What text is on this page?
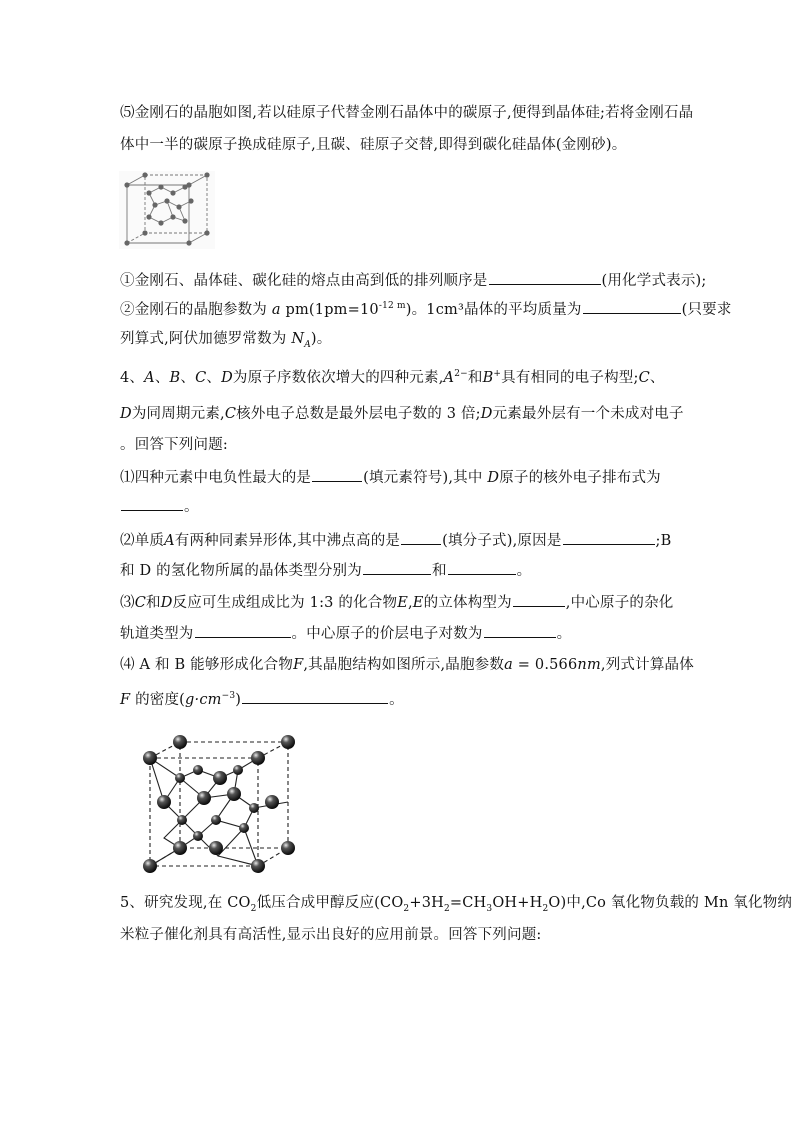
⑸金刚石的晶胞如图,若以硅原子代替金刚石晶体中的碳原子,便得到晶体硅;若将金刚石晶
体中一半的碳原子换成硅原子,且碳、硅原子交替,即得到碳化硅晶体(金刚砂)。
①金刚石、晶体硅、碳化硅的熔点由高到低的排列顺序是	(用化学式表示);
②金刚石的晶胞参数为 a $pm(1pm=10^{-12 m})$。1cm³晶体的平均质量为	(只要求
列算式,阿伏加德罗常数为 $N_A$)。
4、A、B、C、D为原子序数依次增大的四种元素$,A^{2-}$和B+具有相同的电子构型;C、
D为同周期元素,C核外电子总数是最外层电子数的 3 倍;D元素最外层有一个未成对电子
。回答下列问题:
⑴四种元素中电负性最大的是	(填元素符号),其中 D原子的核外电子排布式为
。
⑵单质A有两种同素异形体,其中沸点高的是	(填分子式),原因是	;B
和 D 的氢化物所属的晶体类型分别为	和	。
⑶C和D反应可生成组成比为 1:3 的化合物E,E的立体构型为	,中心原子的杂化
轨道类型为	。中心原子的价层电子对数为	。
⑷ A 和 B 能够形成化合物F,其晶胞结构如图所示,晶胞参数a = 0.566nm,列式计算晶体
F 的密度$(g\cdot cm^{-3})$	。
5、研究发现,在 $CO_2$低压合成甲醇反应$(CO_2+3H_2=CH_3OH+H_2O)$中,Co 氧化物负载的 Mn 氧化物纳
米粒子催化剂具有高活性,显示出良好的应用前景。回答下列问题:
